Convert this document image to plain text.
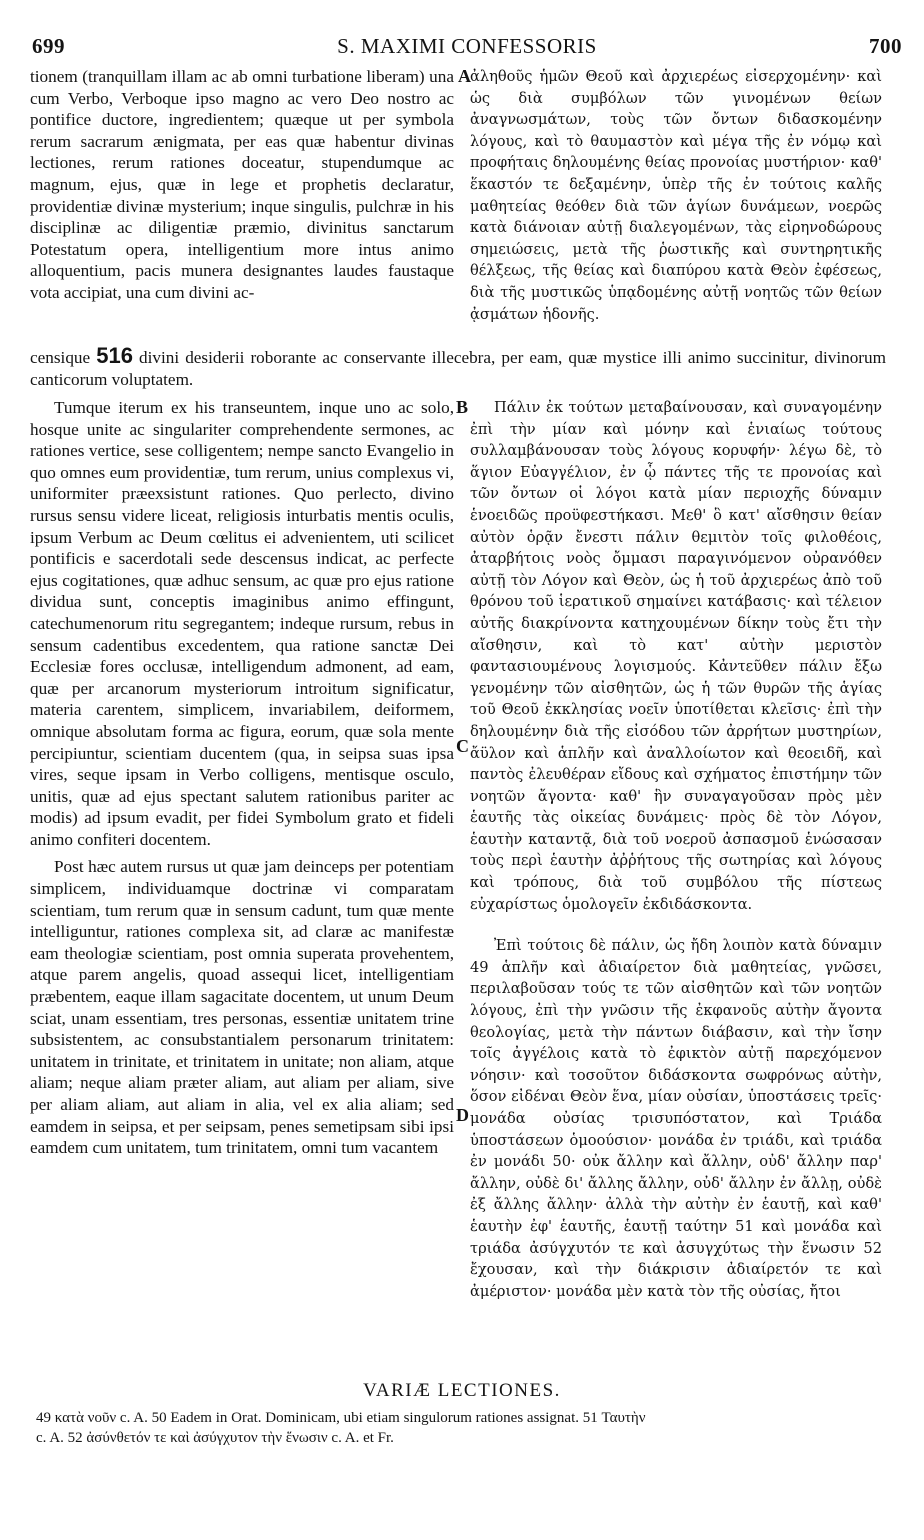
S. MAXIMI CONFESSORIS
699	700

tionem (tranquillam illam ac ab omni turbatione liberam) una cum Verbo, Verboque ipso magno ac vero Deo nostro ac pontifice ductore, ingredientem; quæque ut per symbola rerum sacrarum ænigmata, per eas quæ habentur divinas lectiones, rerum rationes doceatur, stupendumque ac magnum, ejus, quæ in lege et prophetis declaratur, providentiæ divinæ mysterium; inque singulis, pulchræ in his disciplinæ ac diligentiæ præmio, divinitus sanctarum Potestatum opera, intelligentium more intus animo alloquentium, pacis munera designantes laudes faustaque vota accipiat, una cum divini ac-

ἀληθοῦς ἡμῶν Θεοῦ καὶ ἀρχιερέως εἰσερχομένην· καὶ ὡς διὰ συμβόλων τῶν γινομένων θείων ἀναγνωσμάτων, τοὺς τῶν ὄντων διδασκομένην λόγους, καὶ τὸ θαυμαστὸν καὶ μέγα τῆς ἐν νόμῳ καὶ προφήταις δηλουμένης θείας προνοίας μυστήριον· καθ' ἕκαστόν τε δεξαμένην, ὑπὲρ τῆς ἐν τούτοις καλῆς μαθητείας θεόθεν διὰ τῶν ἁγίων δυνάμεων, νοερῶς κατὰ διάνοιαν αὐτῇ διαλεγομένων, τὰς εἰρηνοδώρους σημειώσεις, μετὰ τῆς ῥωστικῆς καὶ συντηρητικῆς θέλξεως, τῆς θείας καὶ διαπύρου κατὰ Θεὸν ἐφέσεως, διὰ τῆς μυστικῶς ὑπᾳδομένης αὐτῇ νοητῶς τῶν θείων ᾀσμάτων ἡδονῆς.

censique 516 divini desiderii roborante ac conservante illecebra, per eam, quæ mystice illi animo succinitur, divinorum canticorum voluptatem.

Tumque iterum ex his transeuntem, inque uno ac solo, hosque unite ac singulariter comprehendente sermones, ac rationes vertice, sese colligentem; nempe sancto Evangelio in quo omnes eum providentiæ, tum rerum, unius complexus vi, uniformiter præexsistunt rationes. Quo perlecto, divino rursus sensu videre liceat, religiosis inturbatis mentis oculis, ipsum Verbum ac Deum cœlitus ei advenientem, uti scilicet pontificis e sacerdotali sede descensus indicat, ac perfecte ejus cogitationes, quæ adhuc sensum, ac quæ pro ejus ratione dividua sunt, conceptis imaginibus animo effingunt, catechumenorum ritu segregantem; indeque rursum, rebus in sensum cadentibus excedentem, qua ratione sanctæ Dei Ecclesiæ fores occlusæ, intelligendum admonent, ad eam, quæ per arcanorum mysteriorum introitum significatur, materia carentem, simplicem, invariabilem, deiformem, omnique absolutam forma ac figura, eorum, quæ sola mente percipiuntur, scientiam ducentem (qua, in seipsa suas ipsa vires, seque ipsam in Verbo colligens, mentisque osculo, unitis, quæ ad ejus spectant salutem rationibus pariter ac modis) ad ipsum evadit, per fidei Symbolum grato et fideli animo confiteri docentem.

Post hæc autem rursus ut quæ jam deinceps per potentiam simplicem, individuamque doctrinæ vi comparatam scientiam, tum rerum quæ in sensum cadunt, tum quæ mente intelliguntur, rationes complexa sit, ad claræ ac manifestæ eam theologiæ scientiam, post omnia superata provehentem, atque parem angelis, quoad assequi licet, intelligentiam præbentem, eaque illam sagacitate docentem, ut unum Deum sciat, unam essentiam, tres personas, essentiæ unitatem trine subsistentem, ac consubstantialem personarum trinitatem: unitatem in trinitate, et trinitatem in unitate; non aliam, atque aliam; neque aliam præter aliam, aut aliam per aliam, sive per aliam aliam, aut aliam in alia, vel ex alia aliam; sed eamdem in seipsa, et per seipsam, penes semetipsam sibi ipsi eamdem cum unitatem, tum trinitatem, omni tum vacantem

Πάλιν ἐκ τούτων μεταβαίνουσαν, καὶ συναγομένην ἐπὶ τὴν μίαν καὶ μόνην καὶ ἑνιαίως τούτους συλλαμβάνουσαν τοὺς λόγους κορυφήν· λέγω δὲ, τὸ ἅγιον Εὐαγγέλιον, ἐν ᾧ πάντες τῆς τε προνοίας καὶ τῶν ὄντων οἱ λόγοι κατὰ μίαν περιοχῆς δύναμιν ἑνοειδῶς προϋφεστήκασι. Μεθ' ὃ κατ' αἴσθησιν θείαν αὐτὸν ὁρᾷν ἔνεστι πάλιν θεμιτὸν τοῖς φιλοθέοις, ἀταρβήτοις νοὸς ὄμμασι παραγινόμενον οὐρανόθεν αὐτῇ τὸν Λόγον καὶ Θεὸν, ὡς ἡ τοῦ ἀρχιερέως ἀπὸ τοῦ θρόνου τοῦ ἱερατικοῦ σημαίνει κατάβασις· καὶ τέλειον αὐτῆς διακρίνοντα κατηχουμένων δίκην τοὺς ἔτι τὴν αἴσθησιν, καὶ τὸ κατ' αὐτὴν μεριστὸν φαντασιουμένους λογισμούς. Κἀντεῦθεν πάλιν ἔξω γενομένην τῶν αἰσθητῶν, ὡς ἡ τῶν θυρῶν τῆς ἁγίας τοῦ Θεοῦ ἐκκλησίας νοεῖν ὑποτίθεται κλεῖσις· ἐπὶ τὴν δηλουμένην διὰ τῆς εἰσόδου τῶν ἀρρήτων μυστηρίων, ἄϋλον καὶ ἁπλῆν καὶ ἀναλλοίωτον καὶ θεοειδῆ, καὶ παντὸς ἐλευθέραν εἴδους καὶ σχήματος ἐπιστήμην τῶν νοητῶν ἄγοντα· καθ' ἣν συναγαγοῦσαν πρὸς μὲν ἑαυτῆς τὰς οἰκείας δυνάμεις· πρὸς δὲ τὸν Λόγον, ἑαυτὴν καταντᾷ, διὰ τοῦ νοεροῦ ἀσπασμοῦ ἑνώσασαν τοὺς περὶ ἑαυτὴν ἀῤῥήτους τῆς σωτηρίας καὶ λόγους καὶ τρόπους, διὰ τοῦ συμβόλου τῆς πίστεως εὐχαρίστως ὁμολογεῖν ἐκδιδάσκοντα.

Ἐπὶ τούτοις δὲ πάλιν, ὡς ἤδη λοιπὸν κατὰ δύναμιν 49 ἁπλῆν καὶ ἀδιαίρετον διὰ μαθητείας, γνῶσει, περιλαβοῦσαν τούς τε τῶν αἰσθητῶν καὶ τῶν νοητῶν λόγους, ἐπὶ τὴν γνῶσιν τῆς ἐκφανοῦς αὐτὴν ἄγοντα θεολογίας, μετὰ τὴν πάντων διάβασιν, καὶ τὴν ἴσην τοῖς ἀγγέλοις κατὰ τὸ ἐφικτὸν αὐτῇ παρεχόμενον νόησιν· καὶ τοσοῦτον διδάσκοντα σωφρόνως αὐτὴν, ὅσον εἰδέναι Θεὸν ἕνα, μίαν οὐσίαν, ὑποστάσεις τρεῖς· μονάδα οὐσίας τρισυπόστατον, καὶ Τριάδα ὑποστάσεων ὁμοούσιον· μονάδα ἐν τριάδι, καὶ τριάδα ἐν μονάδι 50· οὐκ ἄλλην καὶ ἄλλην, οὐδ' ἄλλην παρ' ἄλλην, οὐδὲ δι' ἄλλης ἄλλην, οὐδ' ἄλλην ἐν ἄλλῃ, οὐδὲ ἐξ ἄλλης ἄλλην· ἀλλὰ τὴν αὐτὴν ἐν ἑαυτῇ, καὶ καθ' ἑαυτὴν ἐφ' ἑαυτῆς, ἑαυτῇ ταύτην 51 καὶ μονάδα καὶ τριάδα ἀσύγχυτόν τε καὶ ἀσυγχύτως τὴν ἕνωσιν 52 ἔχουσαν, καὶ τὴν διάκρισιν ἀδιαίρετόν τε καὶ ἀμέριστον· μονάδα μὲν κατὰ τὸν τῆς οὐσίας, ἤτοι

A
B
C
D
VARIÆ LECTIONES.
49 κατὰ νοῦν c. A. 50 Eadem in Orat. Dominicam, ubi etiam singulorum rationes assignat. 51 Ταυτὴν
c. A. 52 ἀσύνθετόν τε καὶ ἀσύγχυτον τὴν ἕνωσιν c. A. et Fr.
